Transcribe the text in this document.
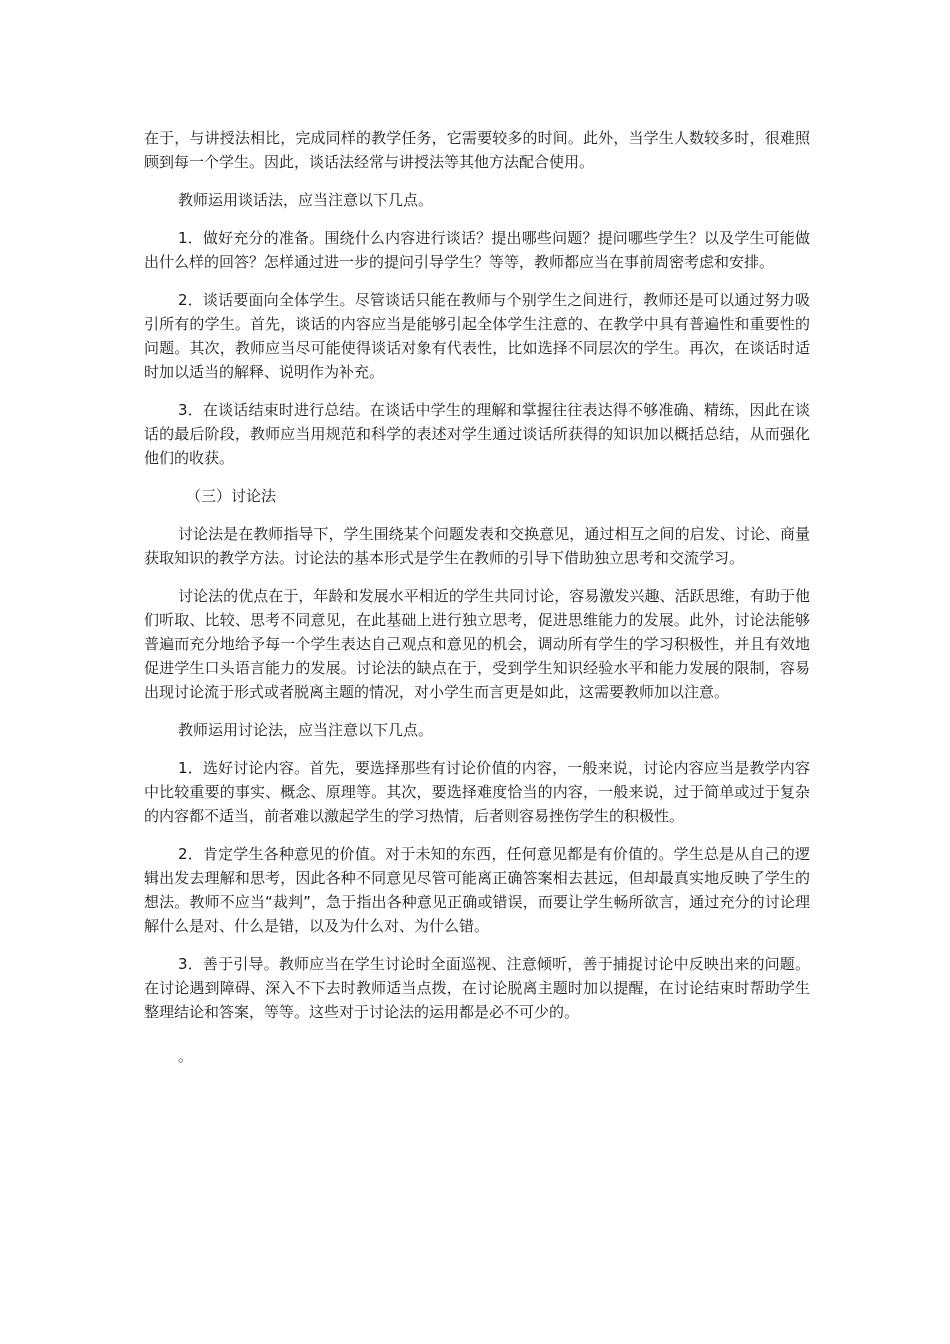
在于，与讲授法相比，完成同样的教学任务，它需要较多的时间。此外，当学生人数较多时，很难照顾到每一个学生。因此，谈话法经常与讲授法等其他方法配合使用。

教师运用谈话法，应当注意以下几点。

1．做好充分的准备。围绕什么内容进行谈话？提出哪些问题？提问哪些学生？以及学生可能做出什么样的回答？怎样通过进一步的提问引导学生？等等，教师都应当在事前周密考虑和安排。

2．谈话要面向全体学生。尽管谈话只能在教师与个别学生之间进行，教师还是可以通过努力吸引所有的学生。首先，谈话的内容应当是能够引起全体学生注意的、在教学中具有普遍性和重要性的问题。其次，教师应当尽可能使得谈话对象有代表性，比如选择不同层次的学生。再次，在谈话时适时加以适当的解释、说明作为补充。

3．在谈话结束时进行总结。在谈话中学生的理解和掌握往往表达得不够准确、精练，因此在谈话的最后阶段，教师应当用规范和科学的表述对学生通过谈话所获得的知识加以概括总结，从而强化他们的收获。

（三）讨论法

讨论法是在教师指导下，学生围绕某个问题发表和交换意见，通过相互之间的启发、讨论、商量获取知识的教学方法。讨论法的基本形式是学生在教师的引导下借助独立思考和交流学习。

讨论法的优点在于，年龄和发展水平相近的学生共同讨论，容易激发兴趣、活跃思维，有助于他们听取、比较、思考不同意见，在此基础上进行独立思考，促进思维能力的发展。此外，讨论法能够普遍而充分地给予每一个学生表达自己观点和意见的机会，调动所有学生的学习积极性，并且有效地促进学生口头语言能力的发展。讨论法的缺点在于，受到学生知识经验水平和能力发展的限制，容易出现讨论流于形式或者脱离主题的情况，对小学生而言更是如此，这需要教师加以注意。

教师运用讨论法，应当注意以下几点。

1．选好讨论内容。首先，要选择那些有讨论价值的内容，一般来说，讨论内容应当是教学内容中比较重要的事实、概念、原理等。其次，要选择难度恰当的内容，一般来说，过于简单或过于复杂的内容都不适当，前者难以激起学生的学习热情，后者则容易挫伤学生的积极性。

2．肯定学生各种意见的价值。对于未知的东西，任何意见都是有价值的。学生总是从自己的逻辑出发去理解和思考，因此各种不同意见尽管可能离正确答案相去甚远，但却最真实地反映了学生的想法。教师不应当“裁判”，急于指出各种意见正确或错误，而要让学生畅所欲言，通过充分的讨论理解什么是对、什么是错，以及为什么对、为什么错。

3．善于引导。教师应当在学生讨论时全面巡视、注意倾听，善于捕捉讨论中反映出来的问题。在讨论遇到障碍、深入不下去时教师适当点拨，在讨论脱离主题时加以提醒，在讨论结束时帮助学生整理结论和答案，等等。这些对于讨论法的运用都是必不可少的。

。
